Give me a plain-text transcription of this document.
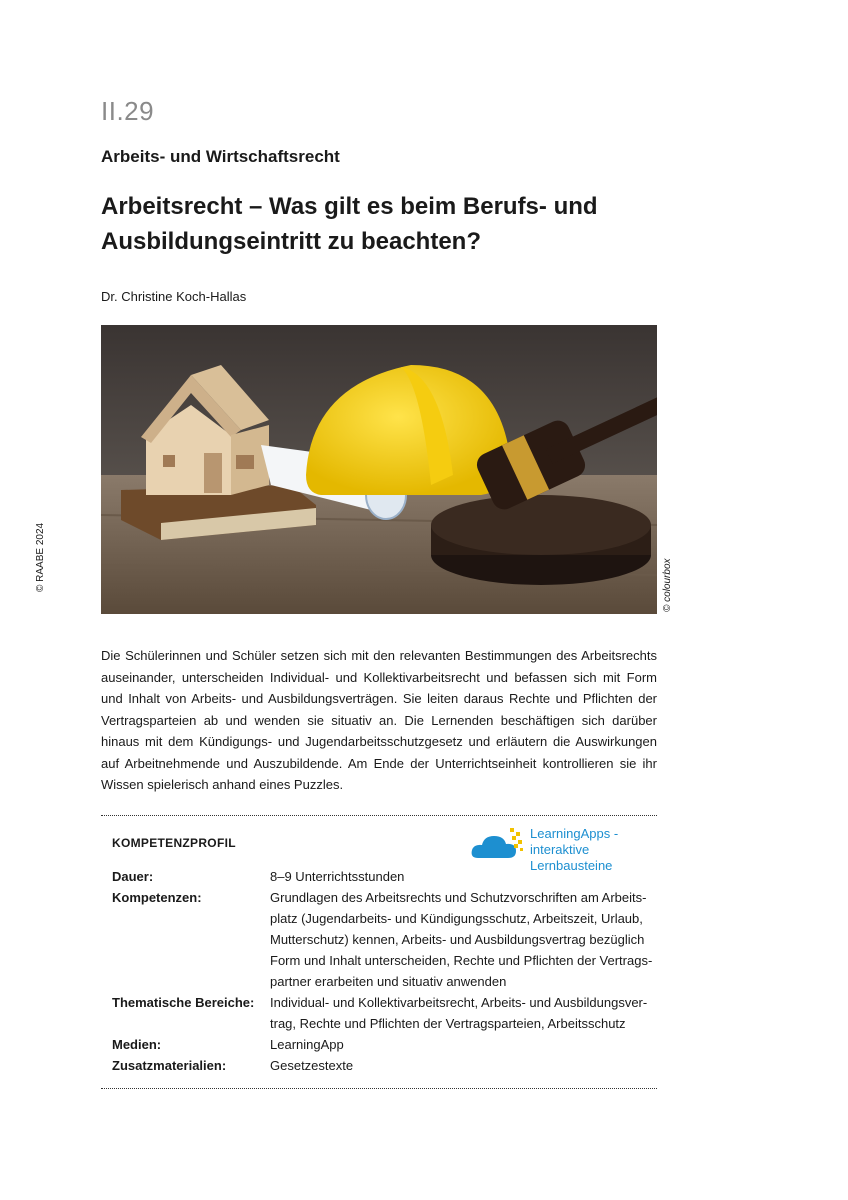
II.29
Arbeits- und Wirtschaftsrecht
Arbeitsrecht – Was gilt es beim Berufs- und
Ausbildungseintritt zu beachten?
Dr. Christine Koch-Hallas
© RAABE 2024	© colourbox
Die Schülerinnen und Schüler setzen sich mit den relevanten Bestimmungen des Arbeitsrechts auseinander, unterscheiden Individual- und Kollektivarbeitsrecht und befassen sich mit Form und Inhalt von Arbeits- und Ausbildungsverträgen. Sie leiten daraus Rechte und Pflichten der Vertragsparteien ab und wenden sie situativ an. Die Lernenden beschäftigen sich darüber hinaus mit dem Kündigungs- und Jugendarbeitsschutzgesetz und erläutern die Auswirkungen auf Arbeitnehmende und Auszubildende. Am Ende der Unterrichtseinheit kontrollieren sie ihr Wissen spielerisch anhand eines Puzzles.
KOMPETENZPROFIL
LearningApps -
interaktive Lernbausteine
Dauer:	8–9 Unterrichtsstunden
Kompetenzen:	Grundlagen des Arbeitsrechts und Schutzvorschriften am Arbeits-
platz (Jugendarbeits- und Kündigungsschutz, Arbeitszeit, Urlaub,
Mutterschutz) kennen, Arbeits- und Ausbildungsvertrag bezüglich
Form und Inhalt unterscheiden, Rechte und Pflichten der Vertrags-
partner erarbeiten und situativ anwenden
Thematische Bereiche:	Individual- und Kollektivarbeitsrecht, Arbeits- und Ausbildungsver-
trag, Rechte und Pflichten der Vertragsparteien, Arbeitsschutz
Medien:	LearningApp
Zusatzmaterialien:	Gesetzestexte
